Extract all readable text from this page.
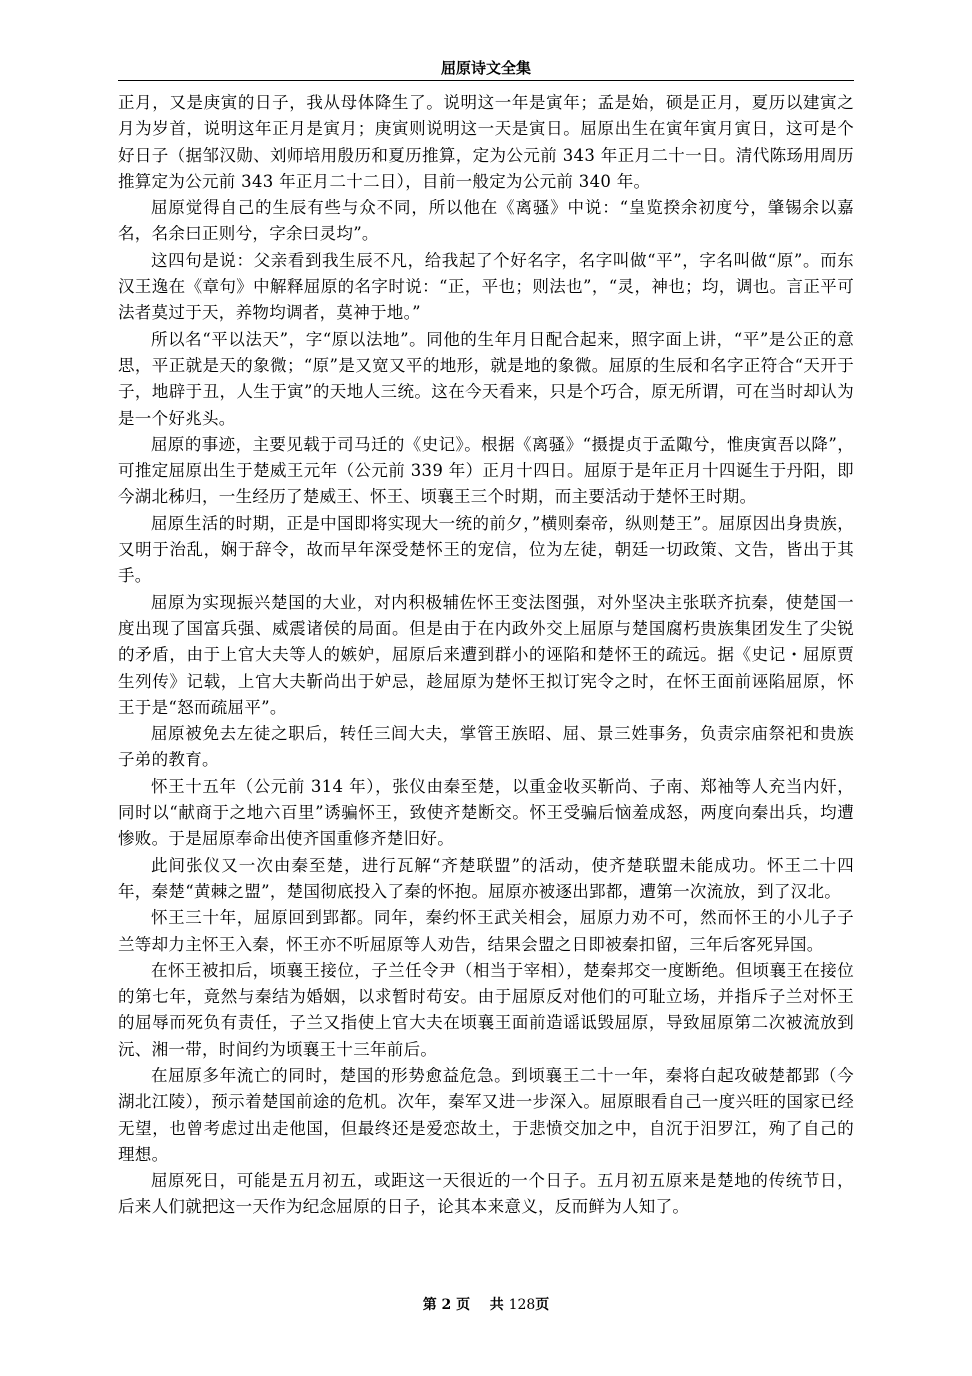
屈原诗文全集

正月，又是庚寅的日子，我从母体降生了。说明这一年是寅年；孟是始，硕是正月，夏历以建寅之月为岁首，说明这年正月是寅月；庚寅则说明这一天是寅日。屈原出生在寅年寅月寅日，这可是个好日子（据邹汉勋、刘师培用殷历和夏历推算，定为公元前 343 年正月二十一日。清代陈玚用周历推算定为公元前 343 年正月二十二日），目前一般定为公元前 340 年。

屈原觉得自己的生辰有些与众不同，所以他在《离骚》中说：“皇览揆余初度兮，肇锡余以嘉名，名余曰正则兮，字余曰灵均”。

这四句是说：父亲看到我生辰不凡，给我起了个好名字，名字叫做“平”，字名叫做“原”。而东汉王逸在《章句》中解释屈原的名字时说：“正，平也；则法也”，“灵，神也；均，调也。言正平可法者莫过于天，养物均调者，莫神于地。”

所以名“平以法天”，字“原以法地”。同他的生年月日配合起来，照字面上讲，“平”是公正的意思，平正就是天的象微；“原”是又宽又平的地形，就是地的象微。屈原的生辰和名字正符合“天开于子，地辟于丑，人生于寅”的天地人三统。这在今天看来，只是个巧合，原无所谓，可在当时却认为是一个好兆头。

屈原的事迹，主要见载于司马迁的《史记》。根据《离骚》“摄提贞于孟陬兮，惟庚寅吾以降”，可推定屈原出生于楚威王元年（公元前 339 年）正月十四日。屈原于是年正月十四诞生于丹阳，即今湖北秭归，一生经历了楚威王、怀王、顷襄王三个时期，而主要活动于楚怀王时期。

屈原生活的时期，正是中国即将实现大一统的前夕，”横则秦帝，纵则楚王”。屈原因出身贵族，又明于治乱，娴于辞令，故而早年深受楚怀王的宠信，位为左徒，朝廷一切政策、文告，皆出于其手。

屈原为实现振兴楚国的大业，对内积极辅佐怀王变法图强，对外坚决主张联齐抗秦，使楚国一度出现了国富兵强、威震诸侯的局面。但是由于在内政外交上屈原与楚国腐朽贵族集团发生了尖锐的矛盾，由于上官大夫等人的嫉妒，屈原后来遭到群小的诬陷和楚怀王的疏远。据《史记・屈原贾生列传》记载，上官大夫靳尚出于妒忌，趁屈原为楚怀王拟订宪令之时，在怀王面前诬陷屈原，怀王于是“怒而疏屈平”。

屈原被免去左徒之职后，转任三闾大夫，掌管王族昭、屈、景三姓事务，负责宗庙祭祀和贵族子弟的教育。

怀王十五年（公元前 314 年），张仪由秦至楚，以重金收买靳尚、子南、郑袖等人充当内奸，同时以“献商于之地六百里”诱骗怀王，致使齐楚断交。怀王受骗后恼羞成怒，两度向秦出兵，均遭惨败。于是屈原奉命出使齐国重修齐楚旧好。

此间张仪又一次由秦至楚，进行瓦解“齐楚联盟”的活动，使齐楚联盟未能成功。怀王二十四年，秦楚“黄棘之盟”，楚国彻底投入了秦的怀抱。屈原亦被逐出郢都，遭第一次流放，到了汉北。

怀王三十年，屈原回到郢都。同年，秦约怀王武关相会，屈原力劝不可，然而怀王的小儿子子兰等却力主怀王入秦，怀王亦不听屈原等人劝告，结果会盟之日即被秦扣留，三年后客死异国。

在怀王被扣后，顷襄王接位，子兰任令尹（相当于宰相），楚秦邦交一度断绝。但顷襄王在接位的第七年，竟然与秦结为婚姻，以求暂时苟安。由于屈原反对他们的可耻立场，并指斥子兰对怀王的屈辱而死负有责任，子兰又指使上官大夫在顷襄王面前造谣诋毁屈原，导致屈原第二次被流放到沅、湘一带，时间约为顷襄王十三年前后。

在屈原多年流亡的同时，楚国的形势愈益危急。到顷襄王二十一年，秦将白起攻破楚都郢（今湖北江陵），预示着楚国前途的危机。次年，秦军又进一步深入。屈原眼看自己一度兴旺的国家已经无望，也曾考虑过出走他国，但最终还是爱恋故土，于悲愤交加之中，自沉于汨罗江，殉了自己的理想。

屈原死日，可能是五月初五，或距这一天很近的一个日子。五月初五原来是楚地的传统节日，后来人们就把这一天作为纪念屈原的日子，论其本来意义，反而鲜为人知了。

第 2 页 共 128页
